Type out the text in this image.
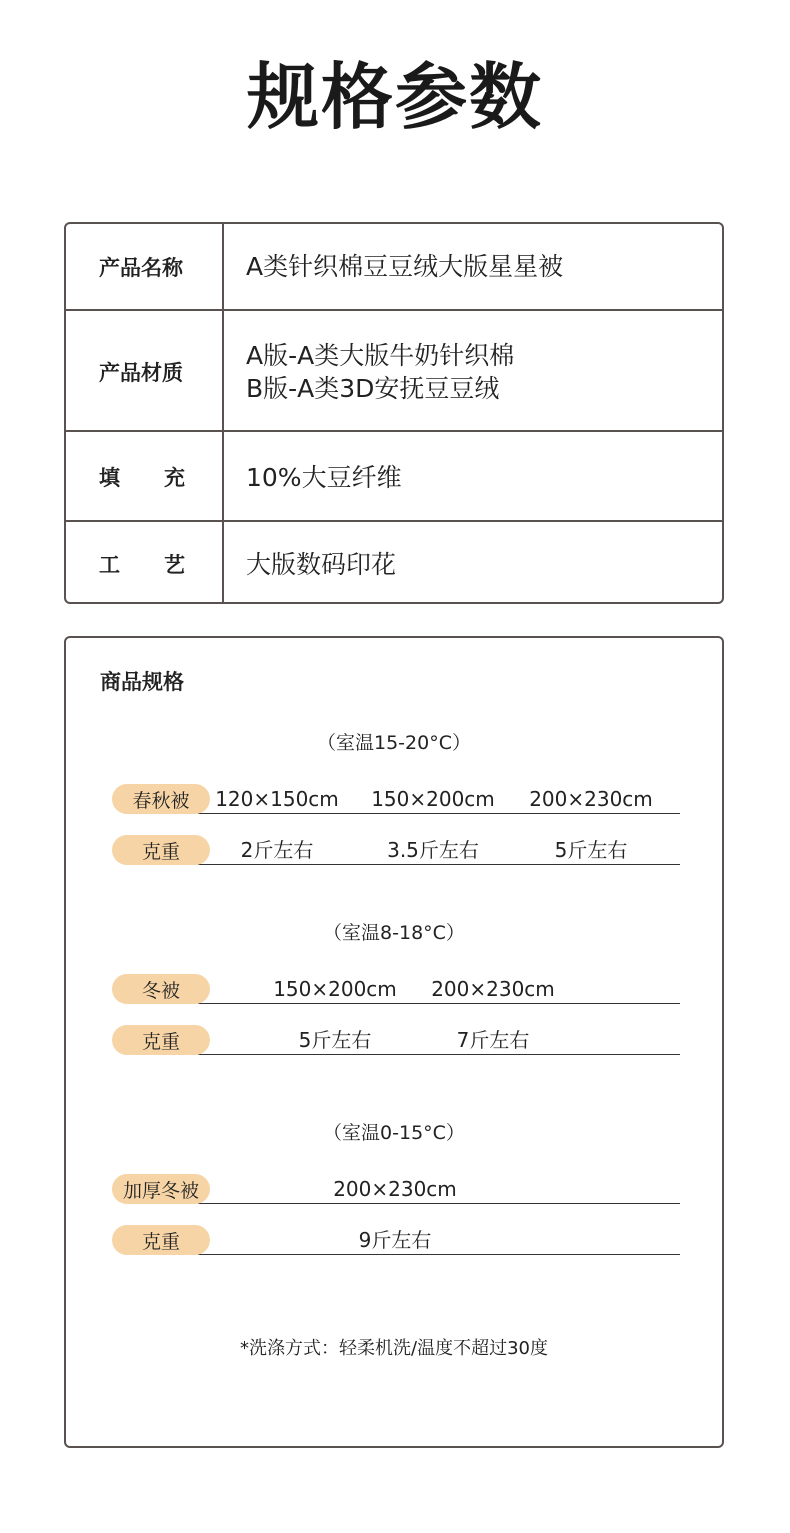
规格参数
产品名称	A类针织棉豆豆绒大版星星被
产品材质
A版-A类大版牛奶针织棉
B版-A类3D安抚豆豆绒
填 充 10%大豆纤维
工 艺 大版数码印花
商品规格
（室温15-20°C）
春秋被	120×150cm 150×200cm 200×230cm
克重	2斤左右	3.5斤左右	5斤左右
（室温8-18°C）
冬被	150×200cm 200×230cm
克重	5斤左右	7斤左右
（室温0-15°C）
加厚冬被	200×230cm
克重	9斤左右
*洗涤方式：轻柔机洗/温度不超过30度
